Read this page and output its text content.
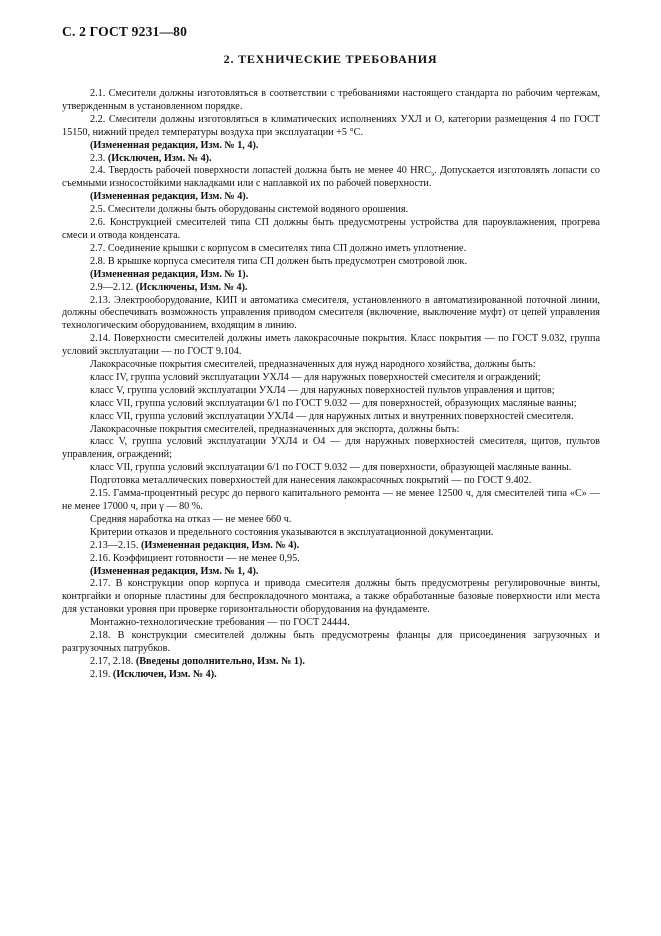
С. 2 ГОСТ 9231—80
2. ТЕХНИЧЕСКИЕ ТРЕБОВАНИЯ

2.1. Смесители должны изготовляться в соответствии с требованиями настоящего стандарта по рабочим чертежам, утвержденным в установленном порядке.

2.2. Смесители должны изготовляться в климатических исполнениях УХЛ и О, категории размещения 4 по ГОСТ 15150, нижний предел температуры воздуха при эксплуатации +5 °С.

(Измененная редакция, Изм. № 1, 4).

2.3. (Исключен, Изм. № 4).

2.4. Твердость рабочей поверхности лопастей должна быть не менее 40 $HRC_э$. Допускается изготовлять лопасти со съемными износостойкими накладками или с наплавкой их по рабочей поверхности.

(Измененная редакция, Изм. № 4).

2.5. Смесители должны быть оборудованы системой водяного орошения.

2.6. Конструкцией смесителей типа СП должны быть предусмотрены устройства для пароувлажнения, прогрева смеси и отвода конденсата.

2.7. Соединение крышки с корпусом в смесителях типа СП должно иметь уплотнение.

2.8. В крышке корпуса смесителя типа СП должен быть предусмотрен смотровой люк.

(Измененная редакция, Изм. № 1).

2.9—2.12. (Исключены, Изм. № 4).

2.13. Электрооборудование, КИП и автоматика смесителя, установленного в автоматизированной поточной линии, должны обеспечивать возможность управления приводом смесителя (включение, выключение муфт) от цепей управления технологическим оборудованием, входящим в линию.

2.14. Поверхности смесителей должны иметь лакокрасочные покрытия. Класс покрытия — по ГОСТ 9.032, группа условий эксплуатации — по ГОСТ 9.104.

Лакокрасочные покрытия смесителей, предназначенных для нужд народного хозяйства, должны быть:

класс IV, группа условий эксплуатации УХЛ4 — для наружных поверхностей смесителя и ограждений;

класс V, группа условий эксплуатации УХЛ4 — для наружных поверхностей пультов управления и щитов;

класс VII, группа условий эксплуатации 6/1 по ГОСТ 9.032 — для поверхностей, образующих масляные ванны;

класс VII, группа условий эксплуатации УХЛ4 — для наружных литых и внутренних поверхностей смесителя.

Лакокрасочные покрытия смесителей, предназначенных для экспорта, должны быть:

класс V, группа условий эксплуатации УХЛ4 и О4 — для наружных поверхностей смесителя, щитов, пультов управления, ограждений;

класс VII, группа условий эксплуатации 6/1 по ГОСТ 9.032 — для поверхности, образующей масляные ванны.

Подготовка металлических поверхностей для нанесения лакокрасочных покрытий — по ГОСТ 9.402.

2.15. Гамма-процентный ресурс до первого капитального ремонта — не менее 12500 ч, для смесителей типа «С» — не менее 17000 ч, при γ — 80 %.

Средняя наработка на отказ — не менее 660 ч.

Критерии отказов и предельного состояния указываются в эксплуатационной документации.

2.13—2.15. (Измененная редакция, Изм. № 4).

2.16. Коэффициент готовности — не менее 0,95.

(Измененная редакция, Изм. № 1, 4).

2.17. В конструкции опор корпуса и привода смесителя должны быть предусмотрены регулировочные винты, контргайки и опорные пластины для беспрокладочного монтажа, а также обработанные базовые поверхности или места для установки уровня при проверке горизонтальности оборудования на фундаменте.

Монтажно-технологические требования — по ГОСТ 24444.

2.18. В конструкции смесителей должны быть предусмотрены фланцы для присоединения загрузочных и разгрузочных патрубков.

2.17, 2.18. (Введены дополнительно, Изм. № 1).

2.19. (Исключен, Изм. № 4).
